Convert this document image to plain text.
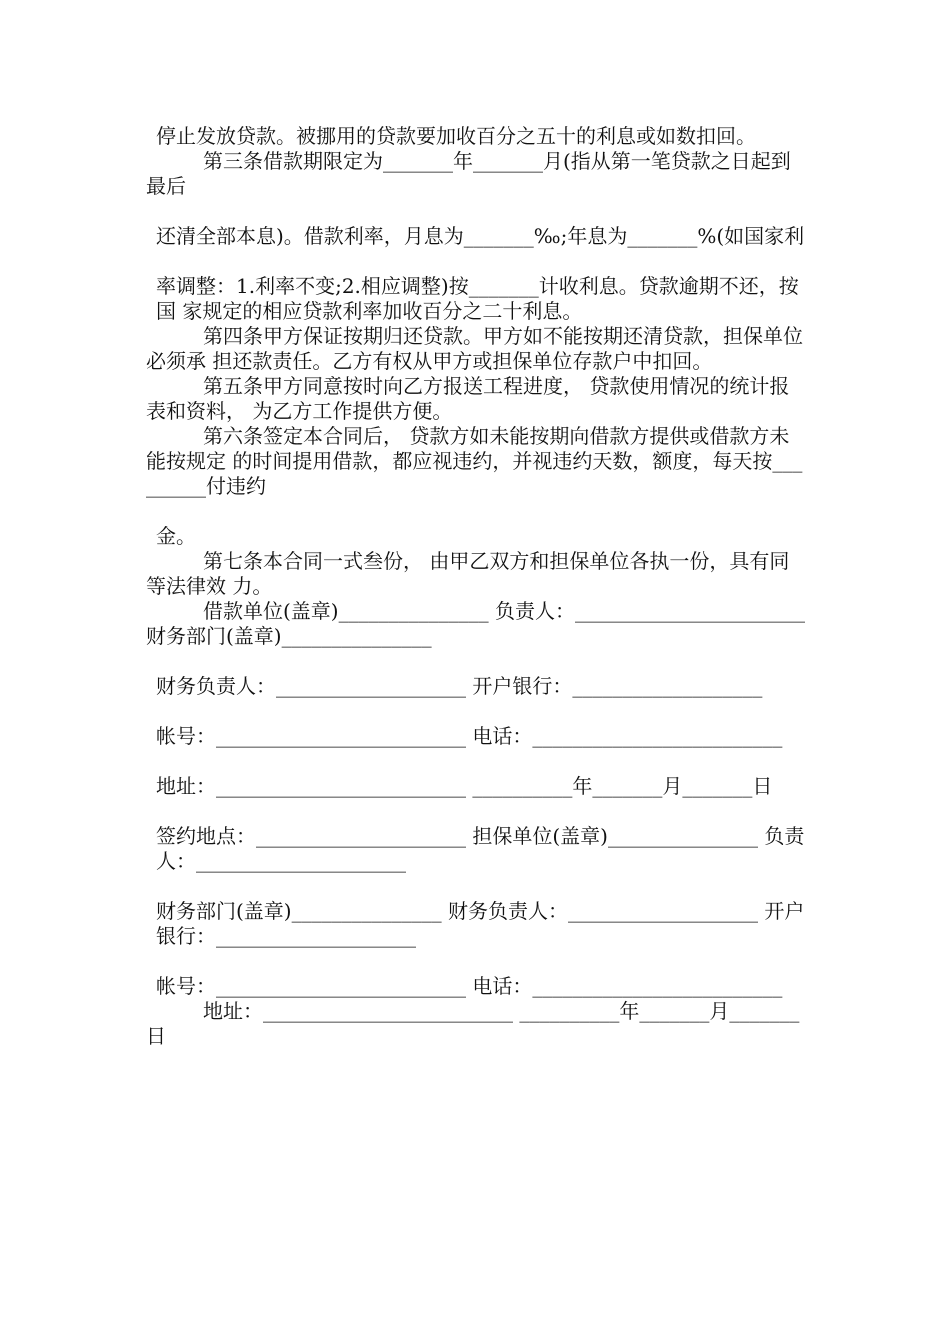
停止发放贷款。被挪用的贷款要加收百分之五十的利息或如数扣回。

第三条借款期限定为_______年_______月(指从第一笔贷款之日起到最后

还清全部本息)。借款利率，月息为_______‰;年息为_______%(如国家利

率调整：1.利率不变;2.相应调整)按_______计收利息。贷款逾期不还，按国 家规定的相应贷款利率加收百分之二十利息。

第四条甲方保证按期归还贷款。甲方如不能按期还清贷款，担保单位必须承 担还款责任。乙方有权从甲方或担保单位存款户中扣回。

第五条甲方同意按时向乙方报送工程进度， 贷款使用情况的统计报表和资料， 为乙方工作提供方便。

第六条签定本合同后， 贷款方如未能按期向借款方提供或借款方未能按规定 的时间提用借款，都应视违约，并视违约天数，额度，每天按_________付违约

金。

第七条本合同一式叁份， 由甲乙双方和担保单位各执一份，具有同等法律效 力。

借款单位(盖章)_______________ 负责人：_______________________ 财务部门(盖章)_______________

财务负责人：___________________ 开户银行：___________________

帐号：_________________________ 电话：_________________________

地址：_________________________ __________年_______月_______日

签约地点：_____________________ 担保单位(盖章)_______________ 负责人：_____________________

财务部门(盖章)_______________ 财务负责人：___________________ 开户银行：____________________

帐号：_________________________ 电话：_________________________

地址：_________________________ __________年_______月_______日
